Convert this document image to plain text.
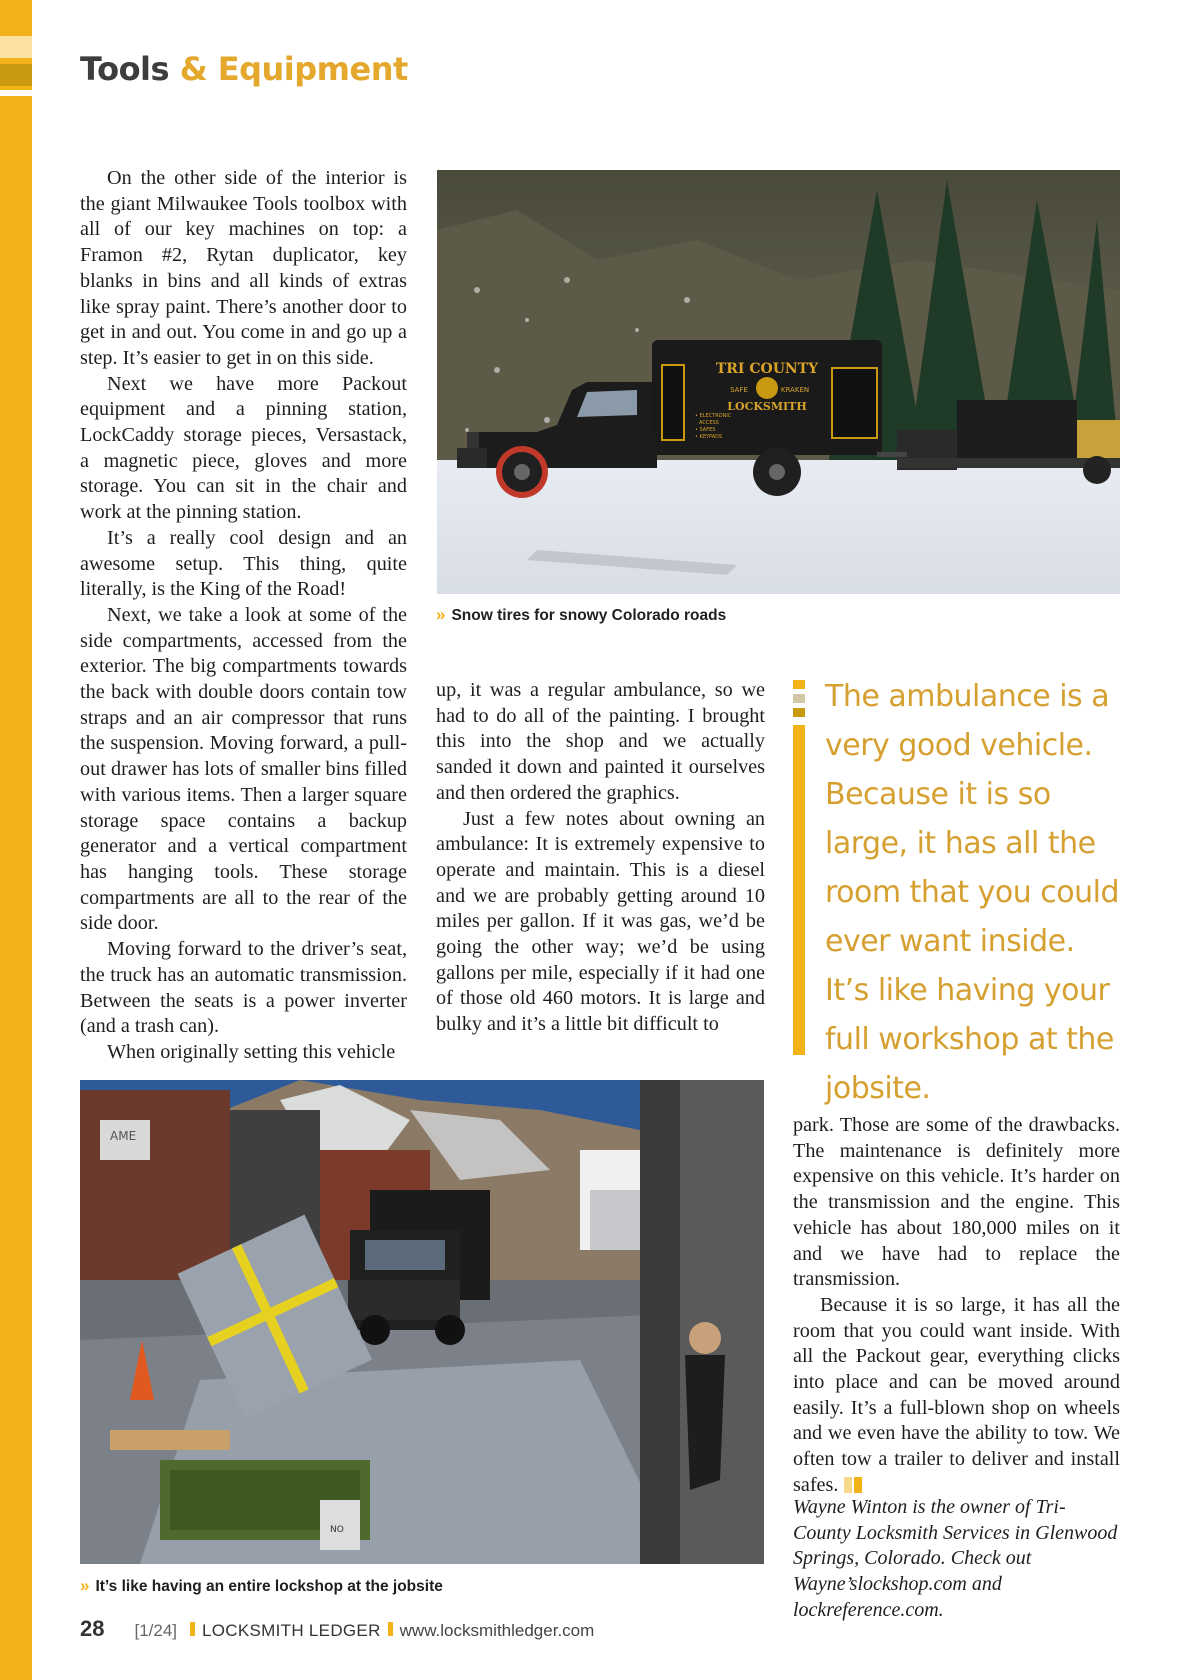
Tools & Equipment

On the other side of the interior is the giant Milwaukee Tools toolbox with all of our key machines on top: a Framon #2, Rytan duplicator, key blanks in bins and all kinds of extras like spray paint. There’s another door to get in and out. You come in and go up a step. It’s easier to get in on this side.

Next we have more Packout equipment and a pinning station, LockCaddy storage pieces, Versastack, a magnetic piece, gloves and more storage. You can sit in the chair and work at the pinning station.

It’s a really cool design and an awesome setup. This thing, quite literally, is the King of the Road!

Next, we take a look at some of the side compartments, accessed from the exterior. The big compartments towards the back with double doors contain tow straps and an air compressor that runs the suspension. Moving forward, a pull-out drawer has lots of smaller bins filled with various items. Then a larger square storage space contains a backup generator and a vertical compartment has hanging tools. These storage compartments are all to the rear of the side door.

Moving forward to the driver’s seat, the truck has an automatic transmission. Between the seats is a power inverter (and a trash can).

When originally setting this vehicle

TRI COUNTY
SAFE	KRAKEN
LOCKSMITH
• ELECTRONIC
ACCESS
• SAFES
• KEYPADS
» Snow tires for snowy Colorado roads

up, it was a regular ambulance, so we had to do all of the painting. I brought this into the shop and we actually sanded it down and painted it ourselves and then ordered the graphics.

Just a few notes about owning an ambulance: It is extremely expensive to operate and maintain. This is a diesel and we are probably getting around 10 miles per gallon. If it was gas, we’d be going the other way; we’d be using gallons per mile, especially if it had one of those old 460 motors. It is large and bulky and it’s a little bit difficult to

The ambulance is a very good vehicle. Because it is so large, it has all the room that you could ever want inside. It’s like having your full workshop at the jobsite.
AME
NO
» It’s like having an entire lockshop at the jobsite

park. Those are some of the drawbacks. The maintenance is definitely more expensive on this vehicle. It’s harder on the transmission and the engine. This vehicle has about 180,000 miles on it and we have had to replace the transmission.

Because it is so large, it has all the room that you could want inside. With all the Packout gear, everything clicks into place and can be moved around easily. It’s a full-blown shop on wheels and we even have the ability to tow. We often tow a trailer to deliver and install safes.

Wayne Winton is the owner of Tri-County Locksmith Services in Glenwood Springs, Colorado. Check out Wayne’slockshop.com and lockreference.com.
28 [1/24] LOCKSMITH LEDGER www.locksmithledger.com
